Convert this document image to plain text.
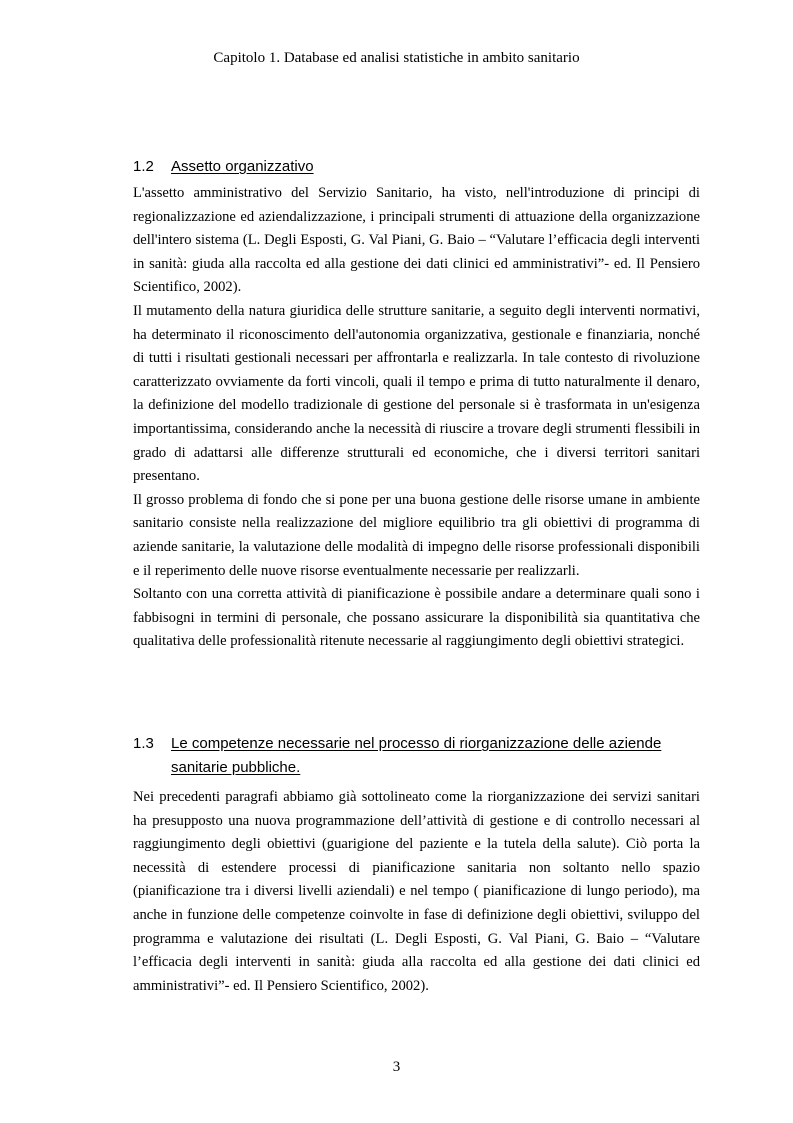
Capitolo 1. Database ed analisi statistiche in ambito sanitario
1.2 Assetto organizzativo

L'assetto amministrativo del Servizio Sanitario, ha visto, nell'introduzione di principi di regionalizzazione ed aziendalizzazione, i principali strumenti di attuazione della organizzazione dell'intero sistema (L. Degli Esposti, G. Val Piani, G. Baio – “Valutare l’efficacia degli interventi in sanità: giuda alla raccolta ed alla gestione dei dati clinici ed amministrativi”- ed. Il Pensiero Scientifico, 2002).

Il mutamento della natura giuridica delle strutture sanitarie, a seguito degli interventi normativi, ha determinato il riconoscimento dell'autonomia organizzativa, gestionale e finanziaria, nonché di tutti i risultati gestionali necessari per affrontarla e realizzarla. In tale contesto di rivoluzione caratterizzato ovviamente da forti vincoli, quali il tempo e prima di tutto naturalmente il denaro, la definizione del modello tradizionale di gestione del personale si è trasformata in un'esigenza importantissima, considerando anche la necessità di riuscire a trovare degli strumenti flessibili in grado di adattarsi alle differenze strutturali ed economiche, che i diversi territori sanitari presentano.

Il grosso problema di fondo che si pone per una buona gestione delle risorse umane in ambiente sanitario consiste nella realizzazione del migliore equilibrio tra gli obiettivi di programma di aziende sanitarie, la valutazione delle modalità di impegno delle risorse professionali disponibili e il reperimento delle nuove risorse eventualmente necessarie per realizzarli.

Soltanto con una corretta attività di pianificazione è possibile andare a determinare quali sono i fabbisogni in termini di personale, che possano assicurare la disponibilità sia quantitativa che qualitativa delle professionalità ritenute necessarie al raggiungimento degli obiettivi strategici.

1.3 Le competenze necessarie nel processo di riorganizzazione delle aziende sanitarie pubbliche.

Nei precedenti paragrafi abbiamo già sottolineato come la riorganizzazione dei servizi sanitari ha presupposto una nuova programmazione dell’attività di gestione e di controllo necessari al raggiungimento degli obiettivi (guarigione del paziente e la tutela della salute). Ciò porta la necessità di estendere processi di pianificazione sanitaria non soltanto nello spazio (pianificazione tra i diversi livelli aziendali) e nel tempo ( pianificazione di lungo periodo), ma anche in funzione delle competenze coinvolte in fase di definizione degli obiettivi, sviluppo del programma e valutazione dei risultati (L. Degli Esposti, G. Val Piani, G. Baio – “Valutare l’efficacia degli interventi in sanità: giuda alla raccolta ed alla gestione dei dati clinici ed amministrativi”- ed. Il Pensiero Scientifico, 2002).

3
